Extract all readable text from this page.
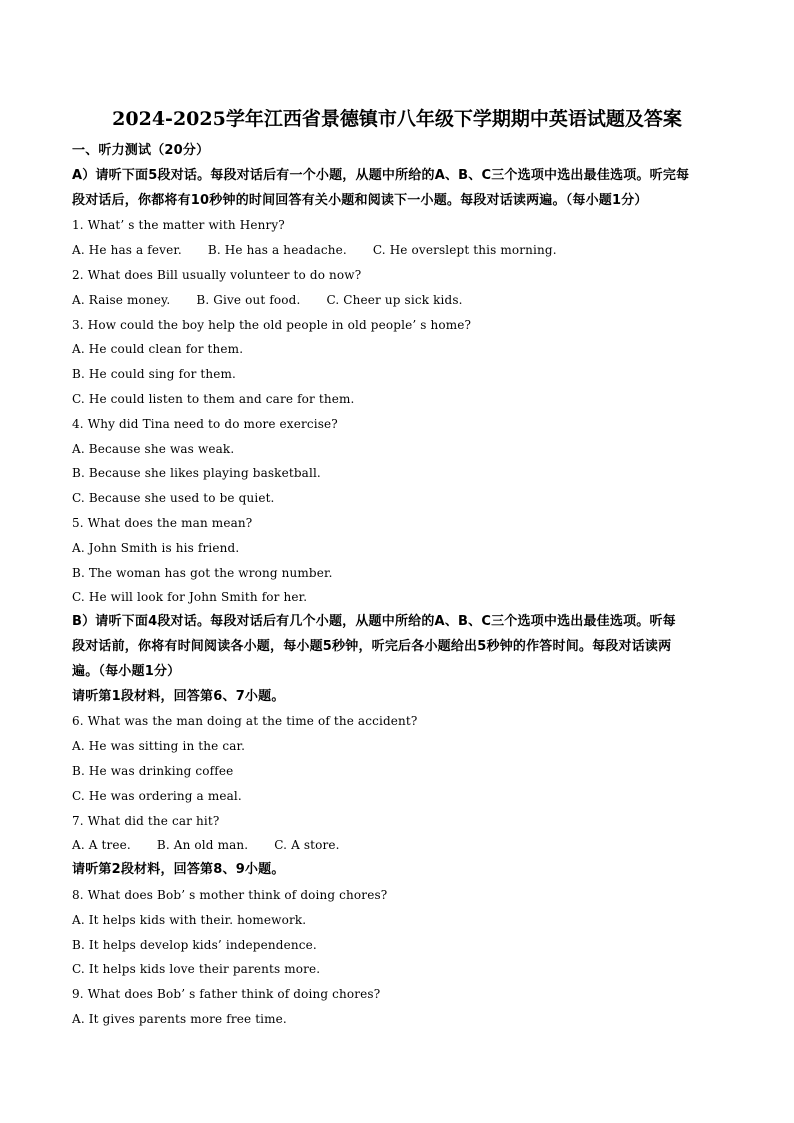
2024-2025学年江西省景德镇市八年级下学期期中英语试题及答案
一、听力测试（20分）
A）请听下面5段对话。每段对话后有一个小题，从题中所给的A、B、C三个选项中选出最佳选项。听完每
段对话后，你都将有10秒钟的时间回答有关小题和阅读下一小题。每段对话读两遍。（每小题1分）
1. What’ s the matter with Henry?
A. He has a fever. B. He has a headache. C. He overslept this morning.
2. What does Bill usually volunteer to do now?
A. Raise money. B. Give out food. C. Cheer up sick kids.
3. How could the boy help the old people in old people’ s home?
A. He could clean for them.
B. He could sing for them.
C. He could listen to them and care for them.
4. Why did Tina need to do more exercise?
A. Because she was weak.
B. Because she likes playing basketball.
C. Because she used to be quiet.
5. What does the man mean?
A. John Smith is his friend.
B. The woman has got the wrong number.
C. He will look for John Smith for her.
B）请听下面4段对话。每段对话后有几个小题，从题中所给的A、B、C三个选项中选出最佳选项。听每
段对话前，你将有时间阅读各小题，每小题5秒钟，听完后各小题给出5秒钟的作答时间。每段对话读两
遍。（每小题1分）
请听第1段材料，回答第6、7小题。
6. What was the man doing at the time of the accident?
A. He was sitting in the car.
B. He was drinking coffee
C. He was ordering a meal.
7. What did the car hit?
A. A tree. B. An old man. C. A store.
请听第2段材料，回答第8、9小题。
8. What does Bob’ s mother think of doing chores?
A. It helps kids with their. homework.
B. It helps develop kids’ independence.
C. It helps kids love their parents more.
9. What does Bob’ s father think of doing chores?
A. It gives parents more free time.
